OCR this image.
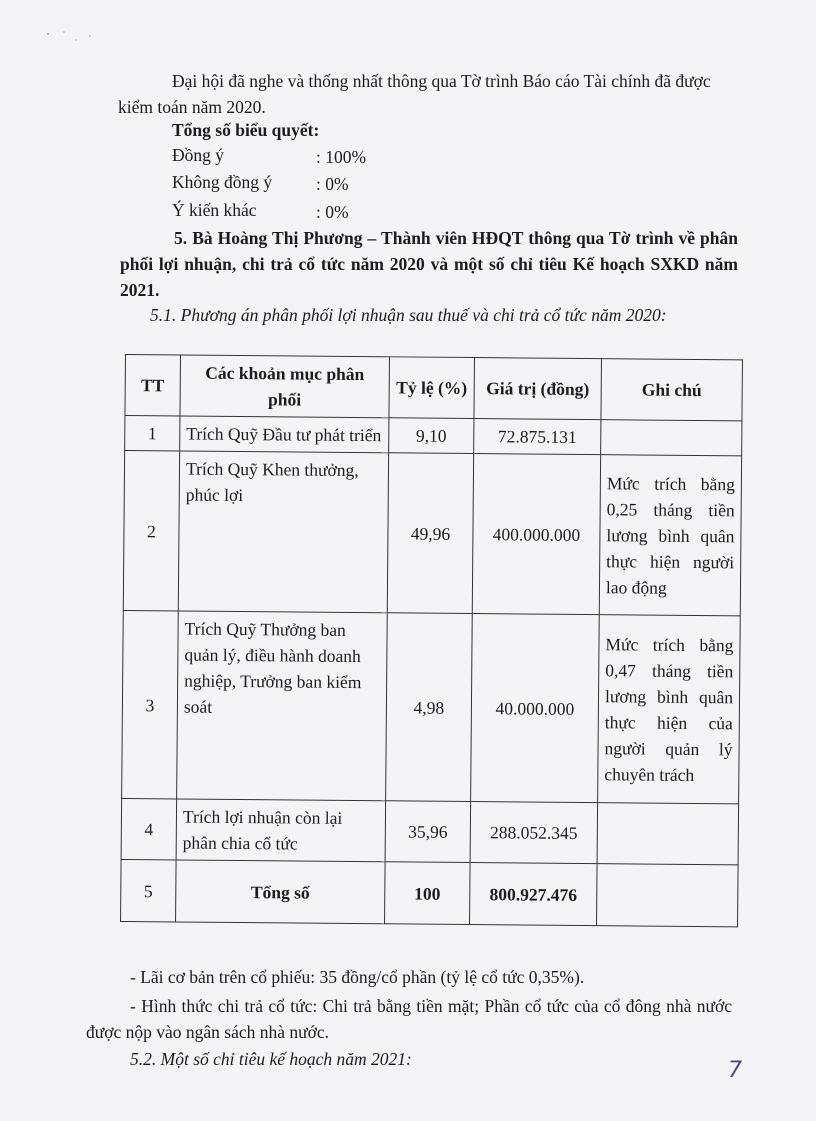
Đại hội đã nghe và thống nhất thông qua Tờ trình Báo cáo Tài chính đã được kiểm toán năm 2020.
Tổng số biểu quyết:
Đồng ý	: 100%
Không đồng ý	: 0%
Ý kiến khác	: 0%
5. Bà Hoàng Thị Phương – Thành viên HĐQT thông qua Tờ trình về phân phối lợi nhuận, chi trả cổ tức năm 2020 và một số chỉ tiêu Kế hoạch SXKD năm 2021.
5.1. Phương án phân phối lợi nhuận sau thuế và chi trả cổ tức năm 2020:
TT	Các khoản mục phân phối	Tỷ lệ (%)	Giá trị (đồng)	Ghi chú
1	Trích Quỹ Đầu tư phát triển	9,10	72.875.131	
2	Trích Quỹ Khen thưởng, phúc lợi	49,96	400.000.000	Mức trích bằng 0,25 tháng tiền lương bình quân thực hiện người lao động
3	Trích Quỹ Thưởng ban quản lý, điều hành doanh nghiệp, Trưởng ban kiểm soát	4,98	40.000.000	Mức trích bằng 0,47 tháng tiền lương bình quân thực hiện của người quản lý chuyên trách
4	Trích lợi nhuận còn lại phân chia cổ tức	35,96	288.052.345	
5	Tổng số	100	800.927.476	
- Lãi cơ bản trên cổ phiếu: 35 đồng/cổ phần (tỷ lệ cổ tức 0,35%).
- Hình thức chi trả cổ tức: Chi trả bằng tiền mặt; Phần cổ tức của cổ đông nhà nước được nộp vào ngân sách nhà nước.
5.2. Một số chỉ tiêu kế hoạch năm 2021:	7
